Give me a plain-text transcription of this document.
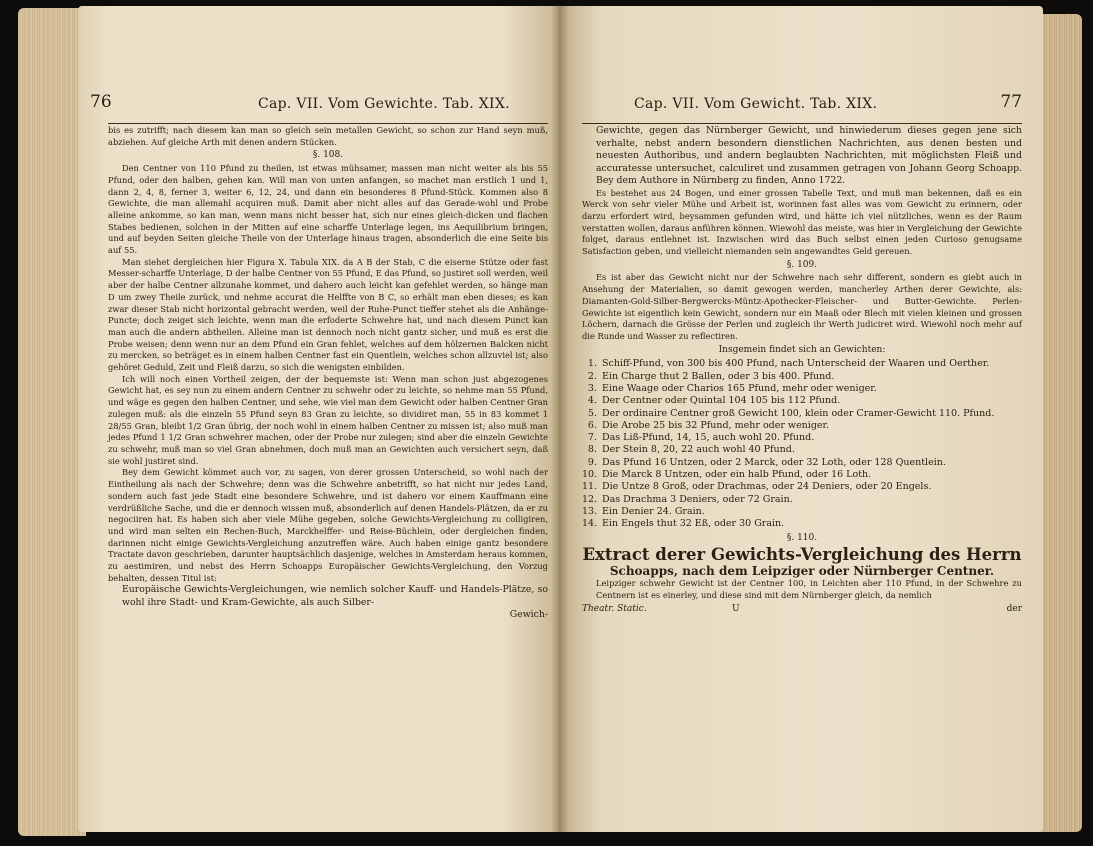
76	Cap. VII. Vom Gewichte. Tab. XIX.

bis es zutrifft; nach diesem kan man so gleich sein metallen Gewicht, so schon zur Hand seyn muß, abziehen. Auf gleiche Arth mit denen andern Stücken.

§. 108.

Den Centner von 110 Pfund zu theilen, ist etwas mühsamer, massen man nicht weiter als bis 55 Pfund, oder den halben, gehen kan. Will man von unten anfangen, so machet man erstlich 1 und 1, dann 2, 4, 8, ferner 3, weiter 6, 12, 24, und dann ein besonderes 8 Pfund-Stück. Kommen also 8 Gewichte, die man allemahl acquiren muß. Damit aber nicht alles auf das Gerade-wohl und Probe alleine ankomme, so kan man, wenn mans nicht besser hat, sich nur eines gleich-dicken und flachen Stabes bedienen, solchen in der Mitten auf eine scharffe Unterlage legen, ins Aequilibrium bringen, und auf beyden Seiten gleiche Theile von der Unterlage hinaus tragen, absonderlich die eine Seite bis auf 55.

Man siehet dergleichen hier Figura X. Tabula XIX. da A B der Stab, C die eiserne Stütze oder fast Messer-scharffe Unterlage, D der halbe Centner von 55 Pfund, E das Pfund, so justiret soll werden, weil aber der halbe Centner allzunahe kommet, und dahero auch leicht kan gefehlet werden, so hänge man D um zwey Theile zurück, und nehme accurat die Helffte von B C, so erhält man eben dieses; es kan zwar dieser Stab nicht horizontal gebracht werden, weil der Ruhe-Punct tieffer stehet als die Anhänge-Puncte; doch zeiget sich leichte, wenn man die erfoderte Schwehre hat, und nach diesem Punct kan man auch die andern abtheilen. Alleine man ist dennoch noch nicht gantz sicher, und muß es erst die Probe weisen; denn wenn nur an dem Pfund ein Gran fehlet, welches auf dem hölzernen Balcken nicht zu mercken, so beträget es in einem halben Centner fast ein Quentlein, welches schon allzuviel ist; also gehöret Geduld, Zeit und Fleiß darzu, so sich die wenigsten einbilden.

Ich will noch einen Vortheil zeigen, der der bequemste ist: Wenn man schon just abgezogenes Gewicht hat, es sey nun zu einem andern Centner zu schwehr oder zu leichte, so nehme man 55 Pfund, und wäge es gegen den halben Centner, und sehe, wie viel man dem Gewicht oder halben Centner Gran zulegen muß: als die einzeln 55 Pfund seyn 83 Gran zu leichte, so dividiret man, 55 in 83 kommet 1 28/55 Gran, bleibt 1/2 Gran übrig, der noch wohl in einem halben Centner zu missen ist; also muß man jedes Pfund 1 1/2 Gran schwehrer machen, oder der Probe nur zulegen; sind aber die einzeln Gewichte zu schwehr, muß man so viel Gran abnehmen, doch muß man an Gewichten auch versichert seyn, daß sie wohl justiret sind.

Bey dem Gewicht kömmet auch vor, zu sagen, von derer grossen Unterscheid, so wohl nach der Eintheilung als nach der Schwehre; denn was die Schwehre anbetrifft, so hat nicht nur jedes Land, sondern auch fast jede Stadt eine besondere Schwehre, und ist dahero vor einem Kauffmann eine verdrüßliche Sache, und die er dennoch wissen muß, absonderlich auf denen Handels-Plätzen, da er zu negociiren hat. Es haben sich aber viele Mühe gegeben, solche Gewichts-Vergleichung zu colligiren, und wird man selten ein Rechen-Buch, Marckhelffer- und Reise-Büchlein, oder dergleichen finden, darinnen nicht einige Gewichts-Vergleichung anzutreffen wäre. Auch haben einige gantz besondere Tractate davon geschrieben, darunter hauptsächlich dasjenige, welches in Amsterdam heraus kommen, zu aestimiren, und nebst des Herrn Schoapps Europäischer Gewichts-Vergleichung, den Vorzug behalten, dessen Titul ist:

Europäische Gewichts-Vergleichungen, wie nemlich solcher Kauff- und Handels-Plätze, so wohl ihre Stadt- und Kram-Gewichte, als auch Silber-

Gewich-
Cap. VII. Vom Gewicht. Tab. XIX.	77

Gewichte, gegen das Nürnberger Gewicht, und hinwiederum dieses gegen jene sich verhalte, nebst andern besondern dienstlichen Nachrichten, aus denen besten und neuesten Authoribus, und andern beglaubten Nachrichten, mit möglichsten Fleiß und accuratesse untersuchet, calculiret und zusammen getragen von Johann Georg Schoapp. Bey dem Authore in Nürnberg zu finden, Anno 1722.

Es bestehet aus 24 Bogen, und einer grossen Tabelle Text, und muß man bekennen, daß es ein Werck von sehr vieler Mühe und Arbeit ist, worinnen fast alles was vom Gewicht zu erinnern, oder darzu erfordert wird, beysammen gefunden wird, und hätte ich viel nützliches, wenn es der Raum verstatten wollen, daraus anführen können. Wiewohl das meiste, was hier in Vergleichung der Gewichte folget, daraus entlehnet ist. Inzwischen wird das Buch selbst einen jeden Curioso genugsame Satisfaction geben, und vielleicht niemanden sein angewandtes Geld gereuen.

§. 109.

Es ist aber das Gewicht nicht nur der Schwehre nach sehr different, sondern es giebt auch in Ansehung der Materialien, so damit gewogen werden, mancherley Arthen derer Gewichte, als: Diamanten-Gold-Silber-Bergwercks-Müntz-Apothecker-Fleischer- und Butter-Gewichte. Perlen-Gewichte ist eigentlich kein Gewicht, sondern nur ein Maaß oder Blech mit vielen kleinen und grossen Löchern, darnach die Grösse der Perlen und zugleich ihr Werth judiciret wird. Wiewohl noch mehr auf die Runde und Wasser zu reflectiren.

Insgemein findet sich an Gewichten:
1. Schiff-Pfund, von 300 bis 400 Pfund, nach Unterscheid der Waaren und Oerther.
2. Ein Charge thut 2 Ballen, oder 3 bis 400. Pfund.
3. Eine Waage oder Charios 165 Pfund, mehr oder weniger.
4. Der Centner oder Quintal 104 105 bis 112 Pfund.
5. Der ordinaire Centner groß Gewicht 100, klein oder Cramer-Gewicht 110. Pfund.
6. Die Arobe 25 bis 32 Pfund, mehr oder weniger.
7. Das Liß-Pfund, 14, 15, auch wohl 20. Pfund.
8. Der Stein 8, 20, 22 auch wohl 40 Pfund.
9. Das Pfund 16 Untzen, oder 2 Marck, oder 32 Loth, oder 128 Quentlein.
10. Die Marck 8 Untzen, oder ein halb Pfund, oder 16 Loth.
11. Die Untze 8 Groß, oder Drachmas, oder 24 Deniers, oder 20 Engels.
12. Das Drachma 3 Deniers, oder 72 Grain.
13. Ein Denier 24. Grain.
14. Ein Engels thut 32 Eß, oder 30 Grain.
§. 110.
Extract derer Gewichts-Vergleichung des Herrn
Schoapps, nach dem Leipziger oder Nürnberger Centner.

Leipziger schwehr Gewicht ist der Centner 100, in Leichten aber 110 Pfund, in der Schwehre zu Centnern ist es einerley, und diese sind mit dem Nürnberger gleich, da nemlich

Theatr. Static.	U	der
